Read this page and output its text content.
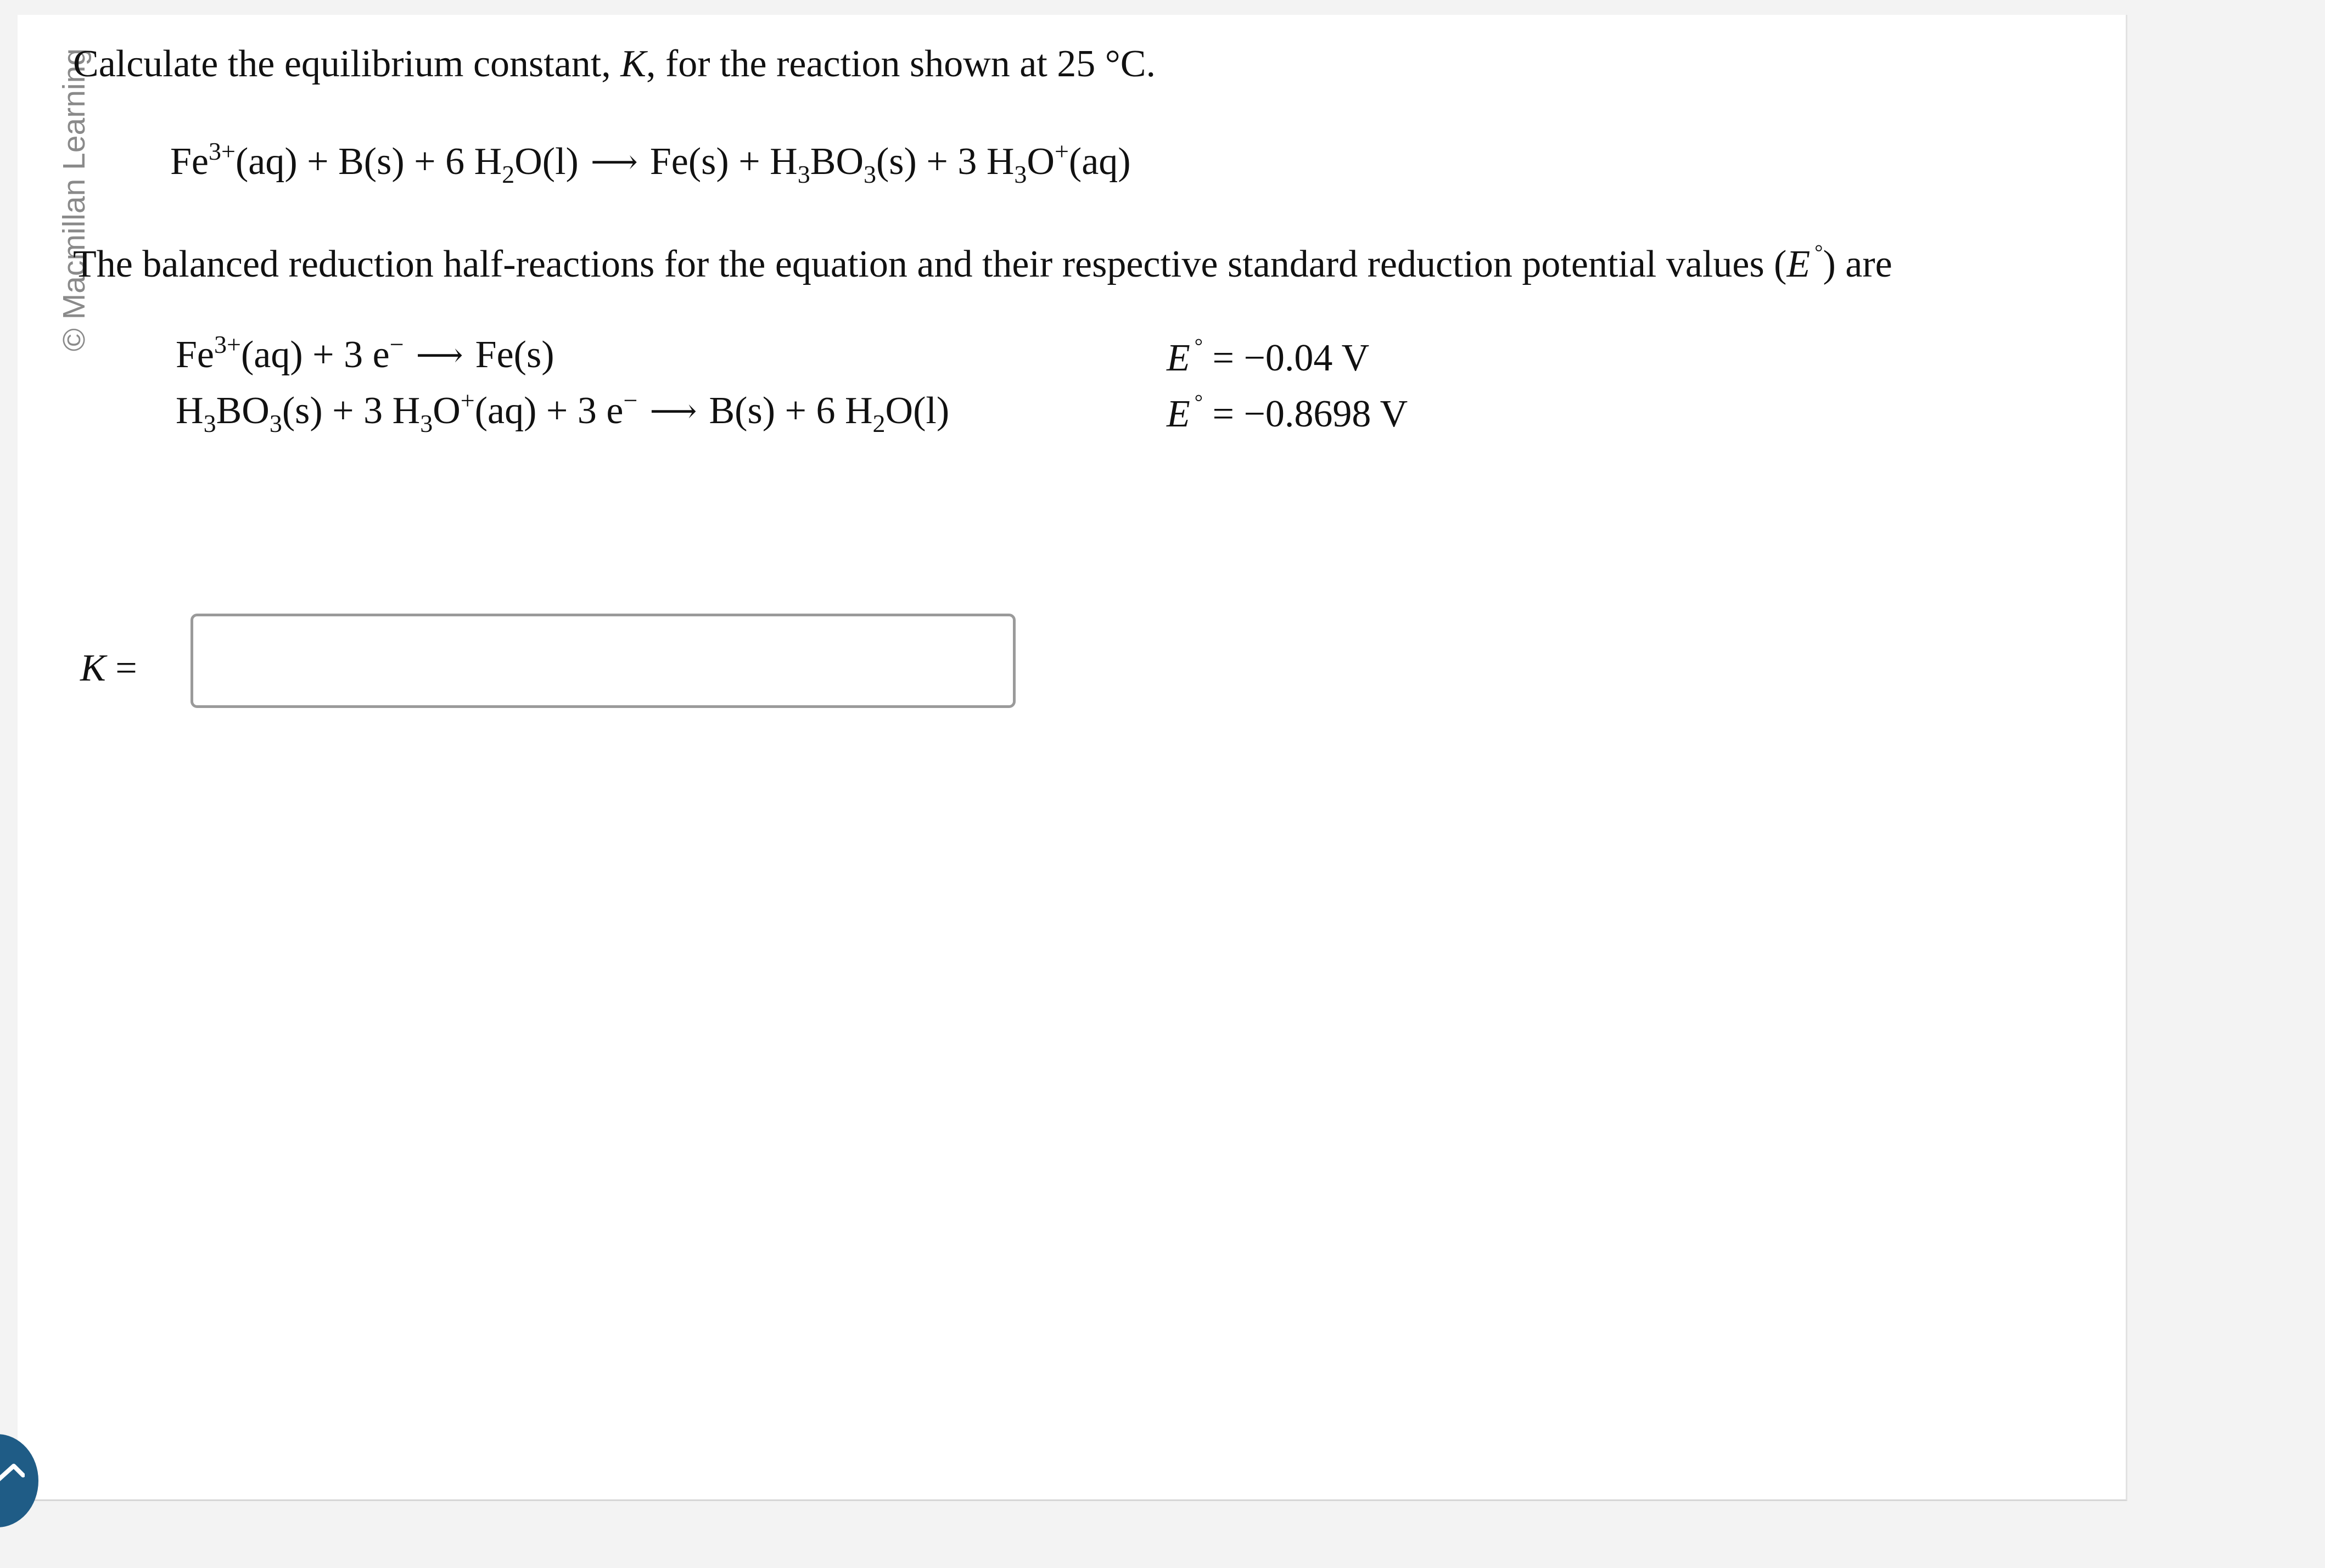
© Macmillan Learning
Calculate the equilibrium constant, K, for the reaction shown at 25 °C.
$Fe^{3+}(aq) + B(s) + 6$ $H_2O(l)$ ⟶ $Fe(s) + H_3BO_3(s) + 3$ $H_3O^+(aq)$
The balanced reduction half-reactions for the equation and their respective standard reduction potential values (E °) are
$Fe^{3+}(aq) + 3$ e− ⟶ Fe(s)	E ° = −0.04 V
$H_3BO_3(s) + 3$ $H_3O^+(aq) + 3$ e− ⟶ B(s) + 6 $H_2O(l)$	E ° = −0.8698 V
K =
